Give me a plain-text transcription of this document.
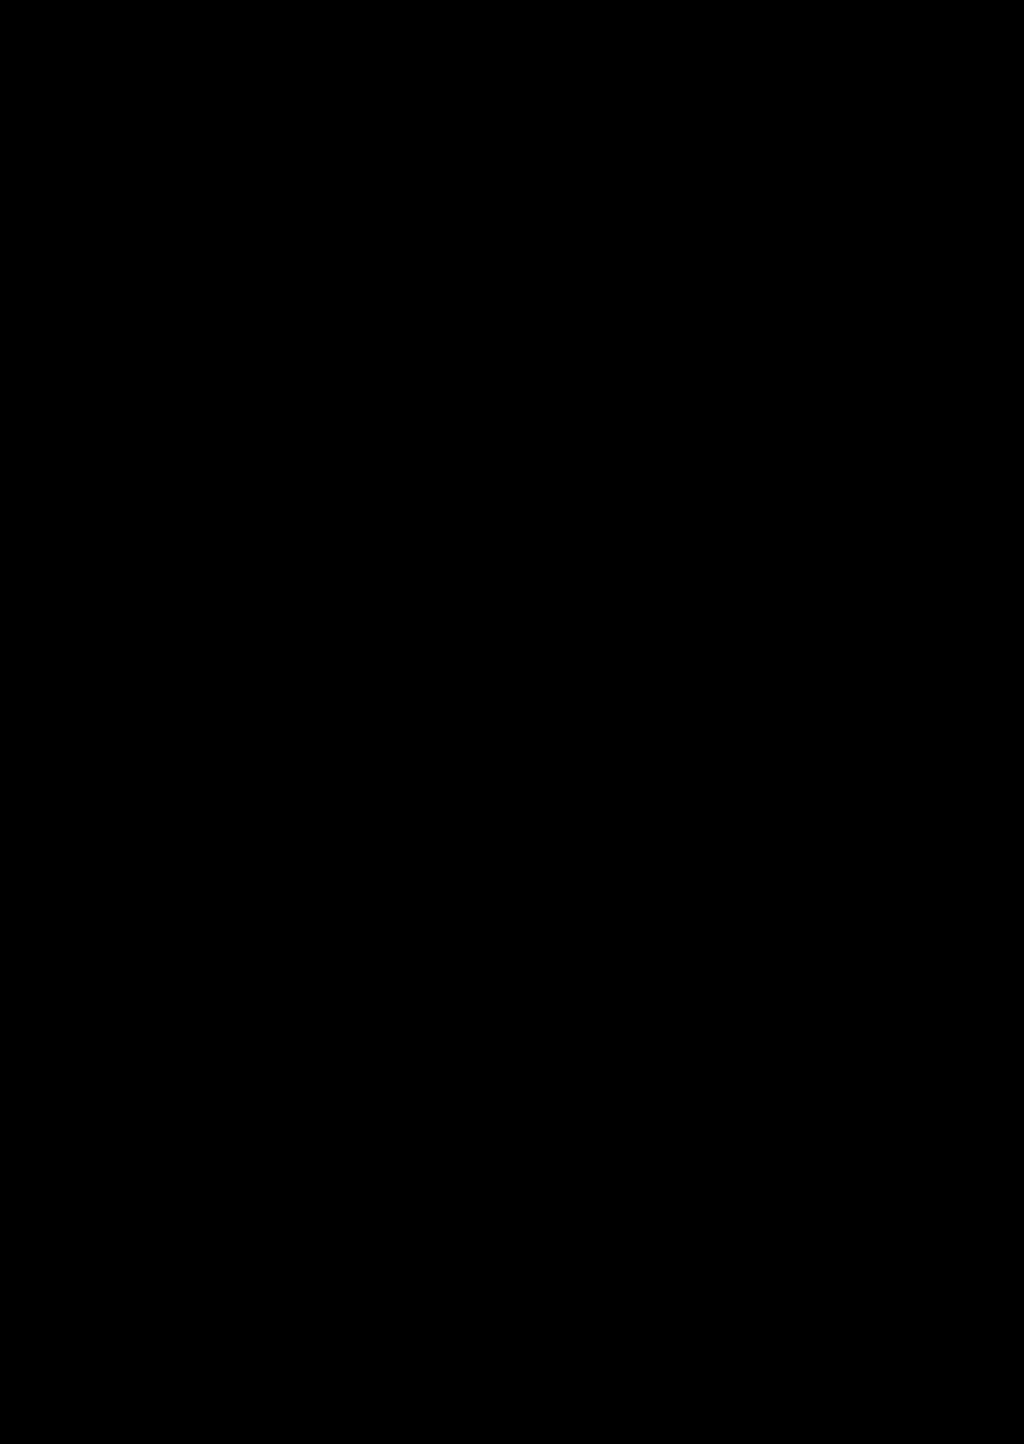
społecznej (t. j. Dz. U. z 2018 r., poz. 1508 ze zm.).
Termin wykonania: na bieżąco.
8. Przed wydaniem decyzji o przyznaniu lub odmowie przyznania świadczenia
przeprowadzać rodzinny wywiad środowiskowy.
Podstawa prawna: art. 106 ust. 4 ustawy z dnia 12 marca 2004 r. o pomocy społecznej
(t. j. Dz. U. z 2018 r., poz. 1508 ze zm.).
Termin wykonania: na bieżąco.
9. Świadczenia z pomocy społecznej przyznawać decyzją administracyjną podpisaną przez
Dyrektora Ośrodka lub upoważnionego na wniosek Dyrektora innego pracownika MOPS
w Jeleniej Górze.
Podstawa prawna: art. 112 ust. 5 ustawy z dnia 12 marca 2004 r. o pomocy społecznej
(t. j. Dz. U. z 2018 r., poz. 1508 ze zm.).
Termin wykonania: na bieżąco.
POUCZENIE
Zgodnie z art. 128 ust. 2 ustawy z dnia 12 marca 2004 r. o pomocy społecznej (t. j. Dz. U.
z 2018 r., poz. 1508 ze zm.) kierownik jednostki podlegającej kontroli może w terminie 7 dni
od dnia otrzymania zaleceń pokontrolnych zgłosić do nich pisemne zastrzeżenia do Dyrektora
Wydziału Zdrowia i Polityki Społecznej Dolnośląskiego Urzędu Wojewódzkiego
we Wrocławiu. W przypadku niewniesienia zastrzeżeń do sformułowanych zaleceń
pokontrolnych uprzejmie proszę o poinformowanie tut. Wydziału, w terminie 30 dni od daty
otrzymania niniejszego pisma, o sposobie wykorzystania wyników kontroli, realizacji
powyższych zaleceń lub przyczynach braku ich realizacji.
Otrzymują:
1. Prezydent Jeleniej Góry
2. a/a
13
